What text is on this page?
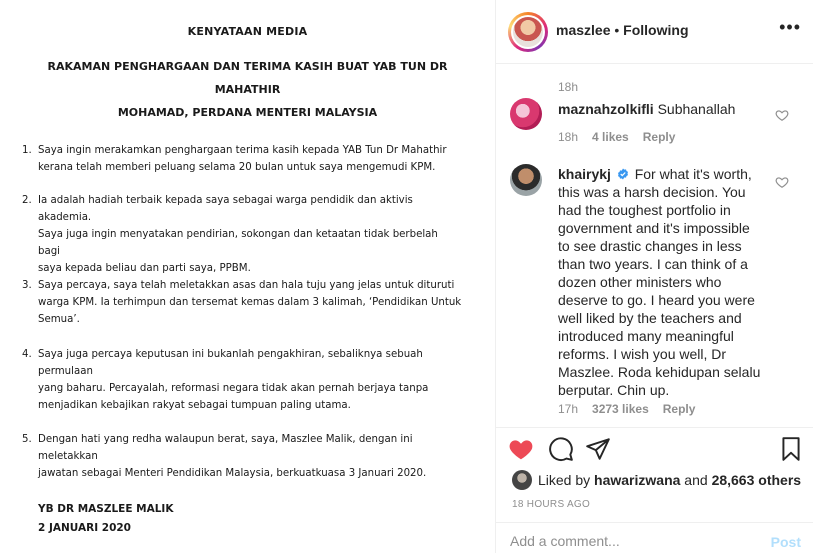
KENYATAAN MEDIA
RAKAMAN PENGHARGAAN DAN TERIMA KASIH BUAT YAB TUN DR MAHATHIR
MOHAMAD, PERDANA MENTERI MALAYSIA
1. Saya ingin merakamkan penghargaan terima kasih kepada YAB Tun Dr Mahathir
kerana telah memberi peluang selama 20 bulan untuk saya mengemudi KPM.
2. Ia adalah hadiah terbaik kepada saya sebagai warga pendidik dan aktivis akademia.
Saya juga ingin menyatakan pendirian, sokongan dan ketaatan tidak berbelah bagi
saya kepada beliau dan parti saya, PPBM.
3. Saya percaya, saya telah meletakkan asas dan hala tuju yang jelas untuk dituruti
warga KPM. Ia terhimpun dan tersemat kemas dalam 3 kalimah, ‘Pendidikan Untuk
Semua’.
4. Saya juga percaya keputusan ini bukanlah pengakhiran, sebaliknya sebuah permulaan
yang baharu. Percayalah, reformasi negara tidak akan pernah berjaya tanpa
menjadikan kebajikan rakyat sebagai tumpuan paling utama.
5. Dengan hati yang redha walaupun berat, saya, Maszlee Malik, dengan ini meletakkan
jawatan sebagai Menteri Pendidikan Malaysia, berkuatkuasa 3 Januari 2020.
YB DR MASZLEE MALIK
2 JANUARI 2020
maszlee • Following	•••
18h
maznahzolkifli Subhanallah
18h 4 likes Reply
khairykj For what it's worth,
this was a harsh decision. You
had the toughest portfolio in
government and it's impossible
to see drastic changes in less
than two years. I can think of a
dozen other ministers who
deserve to go. I heard you were
well liked by the teachers and
introduced many meaningful
reforms. I wish you well, Dr
Maszlee. Roda kehidupan selalu
berputar. Chin up.
17h 3273 likes Reply
Liked by hawarizwana and 28,663 others
18 HOURS AGO
Add a comment...
Post
